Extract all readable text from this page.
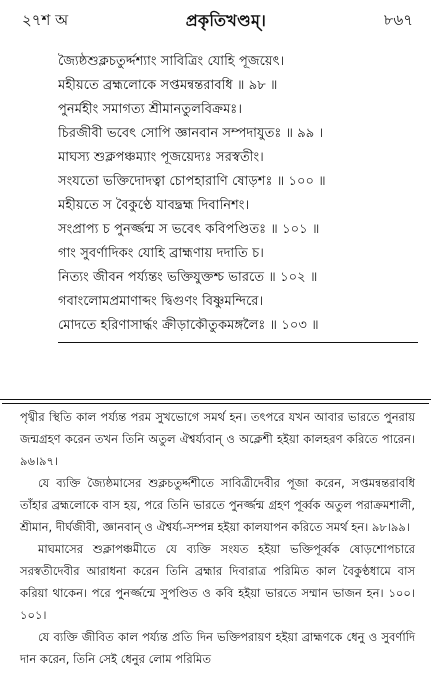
২৭শ অ	প্রকৃতিখণ্ডম্।	৮৬৭
জ্যৈষ্ঠশুক্লচতুর্দ্দশ্যাং সাবিত্রিং যোহি পূজয়েৎ।
মহীয়তে ব্রহ্মলোকে সপ্তমন্বন্তরাবধি ॥ ৯৮ ॥
পুনর্মহীং সমাগত্য শ্রীমানতুলবিক্রমঃ।
চিরজীবী ভবেৎ সোপি জ্ঞানবান সম্পদাযুতঃ ॥ ৯৯ ।
মাঘস্য শুক্লপঞ্চম্যাং পূজয়েদ্যঃ সরস্বতীং।
সংযতো ভক্তিদোদত্বা চোপহারাণি ষোড়শঃ ॥ ১০০ ॥
মহীয়তে স বৈকুণ্ঠে যাবদ্ব্রহ্ম দিবানিশং।
সংপ্রাপ্য চ পুনর্জ্জন্ম স ভবেৎ কবিপণ্ডিতঃ ॥ ১০১ ॥
গাং সুবর্ণাদিকং যোহি ব্রাহ্মণায় দদাতি চ।
নিত্যং জীবন পর্য্যন্তং ভক্তিযুক্তশ্চ ভারতে ॥ ১০২ ॥
গবাংলোমপ্রমাণাব্দং দ্বিগুণং বিষ্ণুমন্দিরে।
মোদতে হরিণাসার্দ্ধং ক্রীড়াকৌতুকমঙ্গলৈঃ ॥ ১০৩ ॥

পৃথ্বীর স্থিতি কাল পর্য্যন্ত পরম সুখভোগে সমর্থ হন। তৎপরে যখন আবার ভারতে পুনরায় জন্মগ্রহণ করেন তখন তিনি অতুল ঐশ্বর্য্যবান্ ও অক্লেশী হইয়া কালহরণ করিতে পারেন। ৯৬।৯৭।

যে ব্যক্তি জ্যৈষ্ঠমাসের শুক্লচতুর্দ্দশীতে সাবিত্রীদেবীর পূজা করেন, সপ্তমন্বন্তরাবধি তাঁহার ব্রহ্মলোকে বাস হয়, পরে তিনি ভারতে পুনর্জ্জন্ম গ্রহণ পূর্ব্বক অতুল পরাক্রমশালী, শ্রীমান, দীর্ঘজীবী, জ্ঞানবান্ ও ঐশ্বর্য্য-সম্পন্ন হইয়া কালযাপন করিতে সমর্থ হন। ৯৮।৯৯।

মাঘমাসের শুক্লাপঞ্চমীতে যে ব্যক্তি সংযত হইয়া ভক্তিপূর্ব্বক ষোড়শোপচারে সরস্বতীদেবীর আরাধনা করেন তিনি ব্রহ্মার দিবারাত্র পরিমিত কাল বৈকুণ্ঠধামে বাস করিয়া থাকেন। পরে পুনর্জ্জন্মে সুপণ্ডিত ও কবি হইয়া ভারতে সম্মান ভাজন হন। ১০০। ১০১।

যে ব্যক্তি জীবিত কাল পর্য্যন্ত প্রতি দিন ভক্তিপরায়ণ হইয়া ব্রাহ্মণকে ধেনু ও সুবর্ণাদি দান করেন, তিনি সেই ধেনুর লোম পরিমিত
